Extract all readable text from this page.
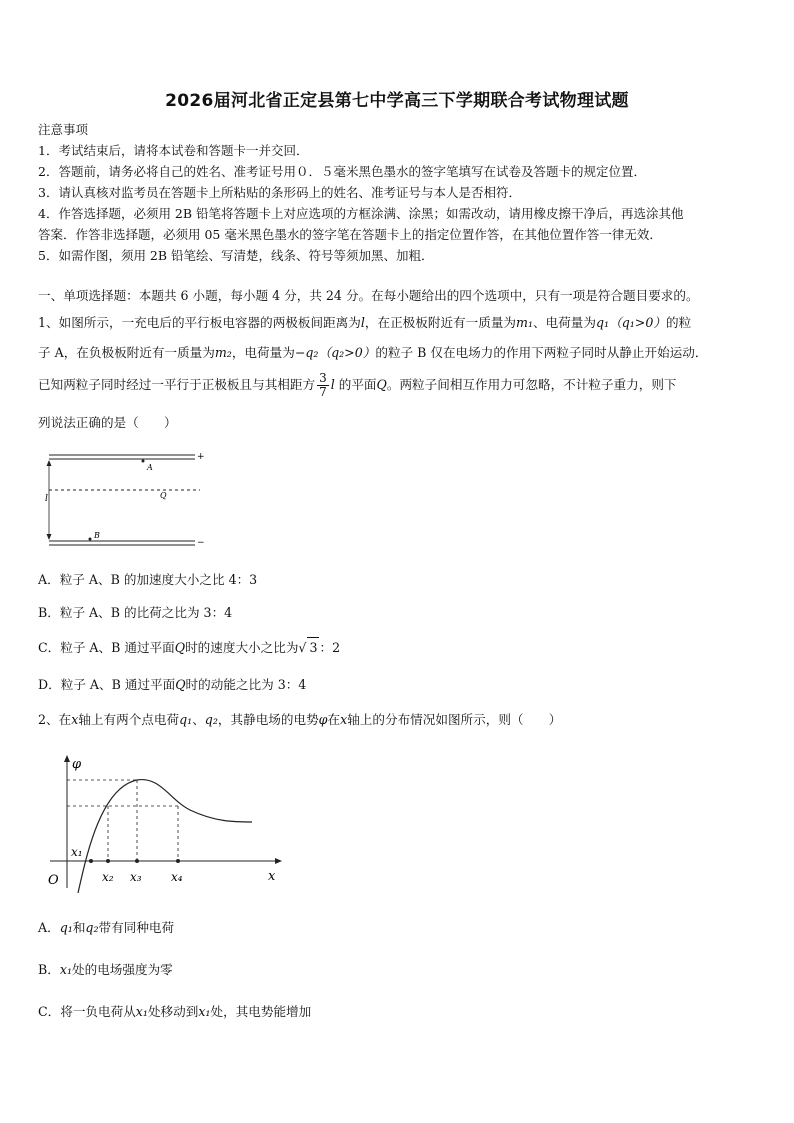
2026届河北省正定县第七中学高三下学期联合考试物理试题
注意事项
1．考试结束后，请将本试卷和答题卡一并交回．
2．答题前，请务必将自己的姓名、准考证号用０．５毫米黑色墨水的签字笔填写在试卷及答题卡的规定位置．
3．请认真核对监考员在答题卡上所粘贴的条形码上的姓名、准考证号与本人是否相符．
4．作答选择题，必须用 2B 铅笔将答题卡上对应选项的方框涂满、涂黑；如需改动，请用橡皮擦干净后，再选涂其他
答案．作答非选择题，必须用 05 毫米黑色墨水的签字笔在答题卡上的指定位置作答，在其他位置作答一律无效．
5．如需作图，须用 2B 铅笔绘、写清楚，线条、符号等须加黑、加粗．
一、单项选择题：本题共 6 小题，每小题 4 分，共 24 分。在每小题给出的四个选项中，只有一项是符合题目要求的。
1、如图所示，一充电后的平行板电容器的两极板间距离为l，在正极板附近有一质量为m₁、电荷量为q₁（q₁>0）的粒
子 A，在负极板附近有一质量为m₂，电荷量为−q₂（q₂>0）的粒子 B 仅在电场力的作用下两粒子同时从静止开始运动．
已知两粒子同时经过一平行于正极板且与其相距方 $\frac{3}{7}$ l 的平面Q。两粒子间相互作用力可忽略，不计粒子重力，则下
列说法正确的是（　　）
l
A
B
Q
+
−
A．粒子 A、B 的加速度大小之比 4：3
B．粒子 A、B 的比荷之比为 3：4
C．粒子 A、B 通过平面Q时的速度大小之比为√ 3 ：2
D．粒子 A、B 通过平面Q时的动能之比为 3：4
2、在x轴上有两个点电荷q₁、q₂，其静电场的电势φ在x轴上的分布情况如图所示，则（　　）
φ
x
O
x₁
x₂ x₃ x₄
A．q₁和q₂带有同种电荷
B．x₁处的电场强度为零
C．将一负电荷从x₁处移动到x₁处，其电势能增加
